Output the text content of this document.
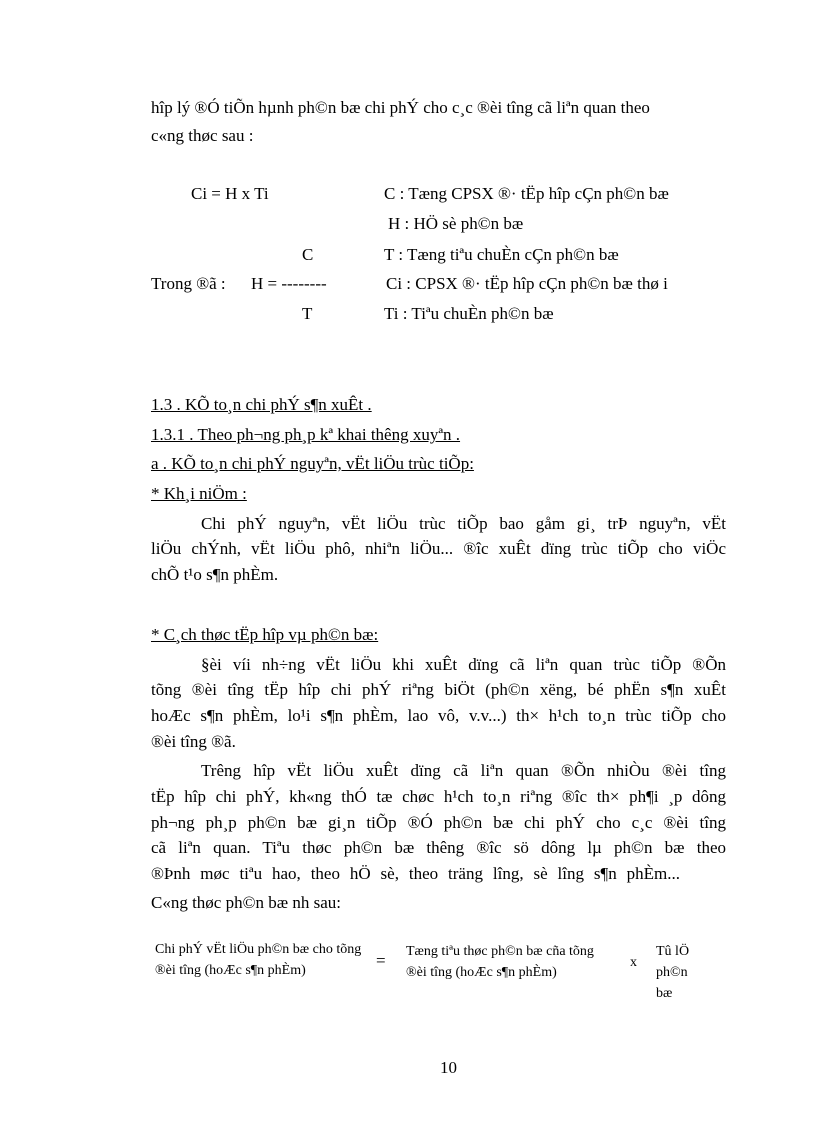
hîp lý ®Ó tiÕn hµnh ph©n bæ chi phÝ cho c¸c ®èi tîng cã liªn quan theo
c«ng thøc sau :
Ci = H x Ti
C
Trong ®ã : H = --------
T
C : Tæng CPSX ®· tËp hîp cÇn ph©n bæ
H : HÖ sè ph©n bæ
T : Tæng tiªu chuÈn cÇn ph©n bæ
Ci : CPSX ®· tËp hîp cÇn ph©n bæ thø i
Ti : Tiªu chuÈn ph©n bæ
1.3 . KÕ to¸n chi phÝ s¶n xuÊt .
1.3.1 . Theo ph¬ng ph¸p kª khai thêng xuyªn .
a . KÕ to¸n chi phÝ nguyªn, vËt liÖu trùc tiÕp:
* Kh¸i niÖm :
Chi phÝ nguyªn, vËt liÖu trùc tiÕp bao gåm gi¸ trÞ nguyªn, vËt
liÖu chÝnh, vËt liÖu phô, nhiªn liÖu... ®îc xuÊt dïng trùc tiÕp cho viÖc
chÕ t¹o s¶n phÈm.
* C¸ch thøc tËp hîp vµ ph©n bæ:
§èi víi nh÷ng vËt liÖu khi xuÊt dïng cã liªn quan trùc tiÕp ®Õn
tõng ®èi tîng tËp hîp chi phÝ riªng biÖt (ph©n xëng, bé phËn s¶n xuÊt
hoÆc s¶n phÈm, lo¹i s¶n phÈm, lao vô, v.v...) th× h¹ch to¸n trùc tiÕp cho
®èi tîng ®ã.
Trêng hîp vËt liÖu xuÊt dïng cã liªn quan ®Õn nhiÒu ®èi tîng
tËp hîp chi phÝ, kh«ng thÓ tæ chøc h¹ch to¸n riªng ®îc th× ph¶i ¸p dông
ph¬ng ph¸p ph©n bæ gi¸n tiÕp ®Ó ph©n bæ chi phÝ cho c¸c ®èi tîng
cã liªn quan. Tiªu thøc ph©n bæ thêng ®îc sö dông lµ ph©n bæ theo
®Þnh møc tiªu hao, theo hÖ sè, theo träng lîng, sè lîng s¶n phÈm...
C«ng thøc ph©n bæ nh sau:
Chi phÝ vËt liÖu ph©n bæ cho tõng ®èi tîng (hoÆc s¶n phÈm)
= Tæng tiªu thøc ph©n bæ cña tõng ®èi tîng (hoÆc s¶n phÈm)
x
Tû lÖ ph©n bæ
10
